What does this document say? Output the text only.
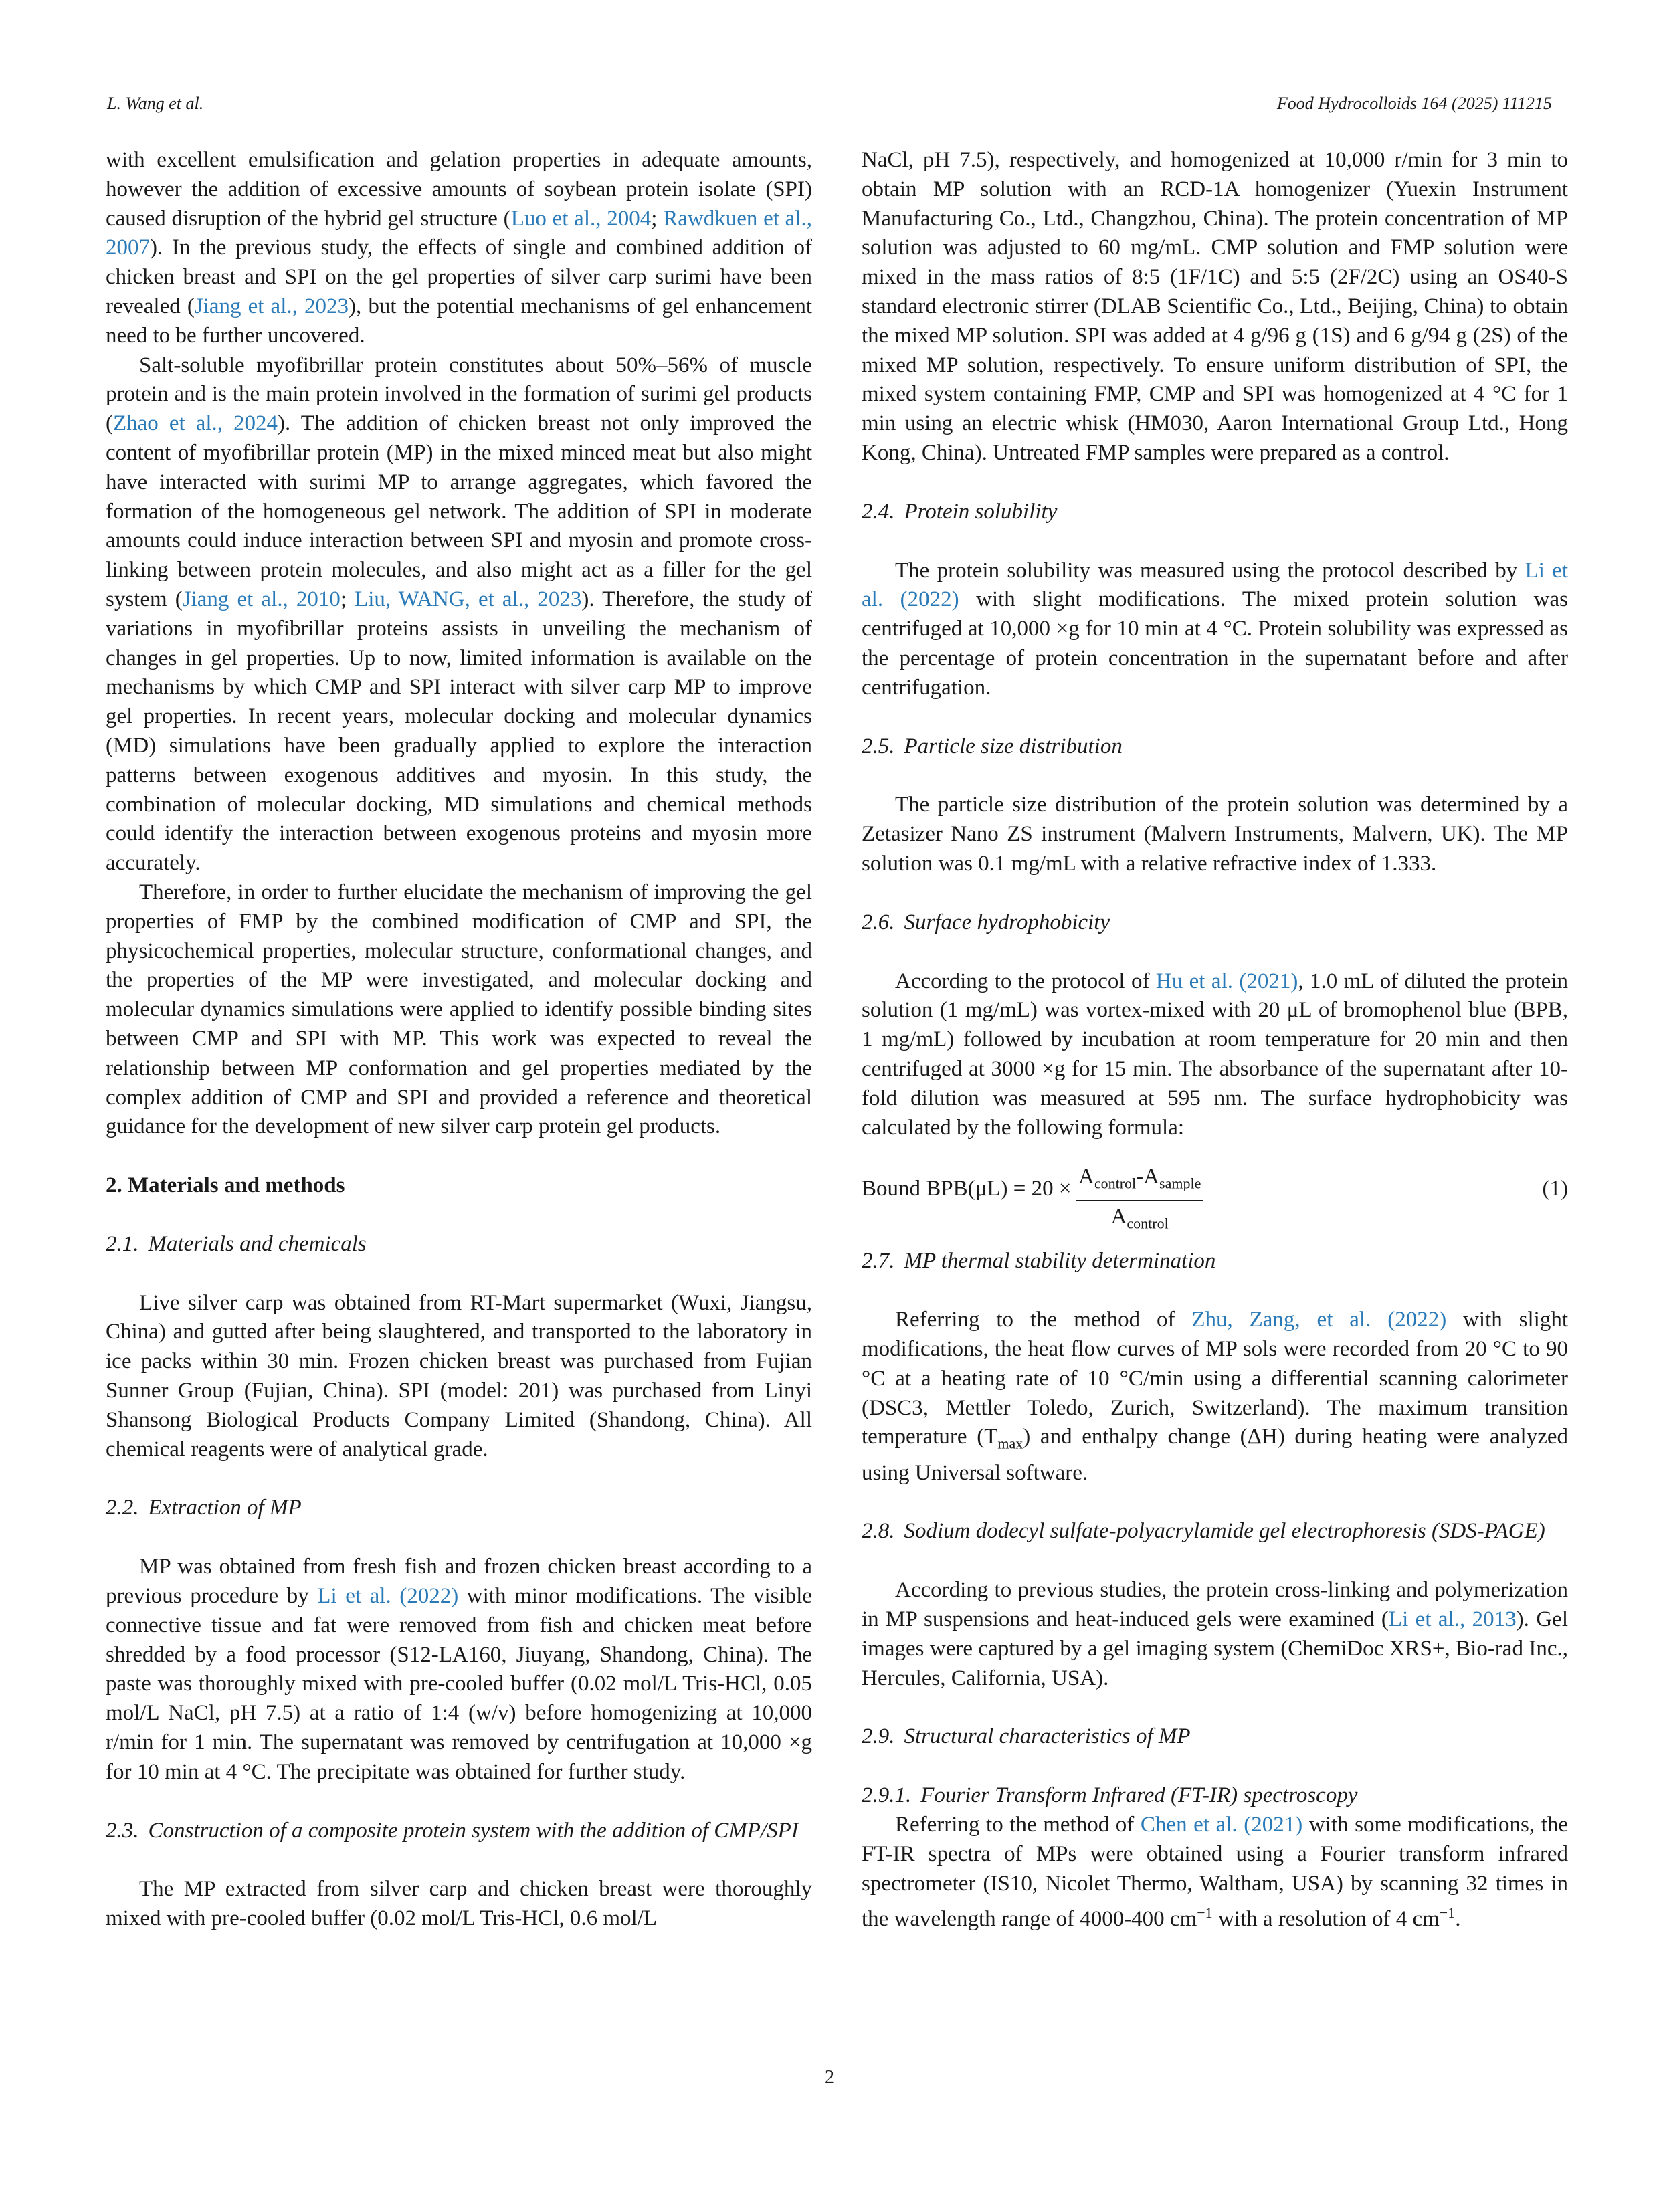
L. Wang et al.	Food Hydrocolloids 164 (2025) 111215

with excellent emulsification and gelation properties in adequate amounts, however the addition of excessive amounts of soybean protein isolate (SPI) caused disruption of the hybrid gel structure (Luo et al., 2004; Rawdkuen et al., 2007). In the previous study, the effects of single and combined addition of chicken breast and SPI on the gel properties of silver carp surimi have been revealed (Jiang et al., 2023), but the potential mechanisms of gel enhancement need to be further uncovered.

Salt-soluble myofibrillar protein constitutes about 50%–56% of muscle protein and is the main protein involved in the formation of surimi gel products (Zhao et al., 2024). The addition of chicken breast not only improved the content of myofibrillar protein (MP) in the mixed minced meat but also might have interacted with surimi MP to arrange aggregates, which favored the formation of the homogeneous gel network. The addition of SPI in moderate amounts could induce interaction between SPI and myosin and promote cross-linking between protein molecules, and also might act as a filler for the gel system (Jiang et al., 2010; Liu, WANG, et al., 2023). Therefore, the study of variations in myofibrillar proteins assists in unveiling the mechanism of changes in gel properties. Up to now, limited information is available on the mechanisms by which CMP and SPI interact with silver carp MP to improve gel properties. In recent years, molecular docking and molecular dynamics (MD) simulations have been gradually applied to explore the interaction patterns between exogenous additives and myosin. In this study, the combination of molecular docking, MD simulations and chemical methods could identify the interaction between exogenous proteins and myosin more accurately.

Therefore, in order to further elucidate the mechanism of improving the gel properties of FMP by the combined modification of CMP and SPI, the physicochemical properties, molecular structure, conformational changes, and the properties of the MP were investigated, and molecular docking and molecular dynamics simulations were applied to identify possible binding sites between CMP and SPI with MP. This work was expected to reveal the relationship between MP conformation and gel properties mediated by the complex addition of CMP and SPI and provided a reference and theoretical guidance for the development of new silver carp protein gel products.

2. Materials and methods
2.1. Materials and chemicals

Live silver carp was obtained from RT-Mart supermarket (Wuxi, Jiangsu, China) and gutted after being slaughtered, and transported to the laboratory in ice packs within 30 min. Frozen chicken breast was purchased from Fujian Sunner Group (Fujian, China). SPI (model: 201) was purchased from Linyi Shansong Biological Products Company Limited (Shandong, China). All chemical reagents were of analytical grade.

2.2. Extraction of MP

MP was obtained from fresh fish and frozen chicken breast according to a previous procedure by Li et al. (2022) with minor modifications. The visible connective tissue and fat were removed from fish and chicken meat before shredded by a food processor (S12-LA160, Jiuyang, Shandong, China). The paste was thoroughly mixed with pre-cooled buffer (0.02 mol/L Tris-HCl, 0.05 mol/L NaCl, pH 7.5) at a ratio of 1:4 (w/v) before homogenizing at 10,000 r/min for 1 min. The supernatant was removed by centrifugation at 10,000 ×g for 10 min at 4 °C. The precipitate was obtained for further study.

2.3. Construction of a composite protein system with the addition of CMP/SPI

The MP extracted from silver carp and chicken breast were thoroughly mixed with pre-cooled buffer (0.02 mol/L Tris-HCl, 0.6 mol/L

NaCl, pH 7.5), respectively, and homogenized at 10,000 r/min for 3 min to obtain MP solution with an RCD-1A homogenizer (Yuexin Instrument Manufacturing Co., Ltd., Changzhou, China). The protein concentration of MP solution was adjusted to 60 mg/mL. CMP solution and FMP solution were mixed in the mass ratios of 8:5 (1F/1C) and 5:5 (2F/2C) using an OS40-S standard electronic stirrer (DLAB Scientific Co., Ltd., Beijing, China) to obtain the mixed MP solution. SPI was added at 4 g/96 g (1S) and 6 g/94 g (2S) of the mixed MP solution, respectively. To ensure uniform distribution of SPI, the mixed system containing FMP, CMP and SPI was homogenized at 4 °C for 1 min using an electric whisk (HM030, Aaron International Group Ltd., Hong Kong, China). Untreated FMP samples were prepared as a control.

2.4. Protein solubility

The protein solubility was measured using the protocol described by Li et al. (2022) with slight modifications. The mixed protein solution was centrifuged at 10,000 ×g for 10 min at 4 °C. Protein solubility was expressed as the percentage of protein concentration in the supernatant before and after centrifugation.

2.5. Particle size distribution

The particle size distribution of the protein solution was determined by a Zetasizer Nano ZS instrument (Malvern Instruments, Malvern, UK). The MP solution was 0.1 mg/mL with a relative refractive index of 1.333.

2.6. Surface hydrophobicity

According to the protocol of Hu et al. (2021), 1.0 mL of diluted the protein solution (1 mg/mL) was vortex-mixed with 20 μL of bromophenol blue (BPB, 1 mg/mL) followed by incubation at room temperature for 20 min and then centrifuged at 3000 ×g for 15 min. The absorbance of the supernatant after 10-fold dilution was measured at 595 nm. The surface hydrophobicity was calculated by the following formula:

Bound $BPB(\mu L) = 20 \times A_{control}-A_{sample}$
$A_{control}$
(1)
2.7. MP thermal stability determination

Referring to the method of Zhu, Zang, et al. (2022) with slight modifications, the heat flow curves of MP sols were recorded from 20 °C to 90 °C at a heating rate of 10 °C/min using a differential scanning calorimeter (DSC3, Mettler Toledo, Zurich, Switzerland). The maximum transition temperature $(T_{max})$ and enthalpy change (ΔH) during heating were analyzed using Universal software.

2.8. Sodium dodecyl sulfate-polyacrylamide gel electrophoresis (SDS-PAGE)

According to previous studies, the protein cross-linking and polymerization in MP suspensions and heat-induced gels were examined (Li et al., 2013). Gel images were captured by a gel imaging system (ChemiDoc XRS+, Bio-rad Inc., Hercules, California, USA).

2.9. Structural characteristics of MP
2.9.1. Fourier Transform Infrared (FT-IR) spectroscopy

Referring to the method of Chen et al. (2021) with some modifications, the FT-IR spectra of MPs were obtained using a Fourier transform infrared spectrometer (IS10, Nicolet Thermo, Waltham, USA) by scanning 32 times in the wavelength range of 4000-400 $cm^{-1}$ with a resolution of 4 $cm^{-1}$.

2
